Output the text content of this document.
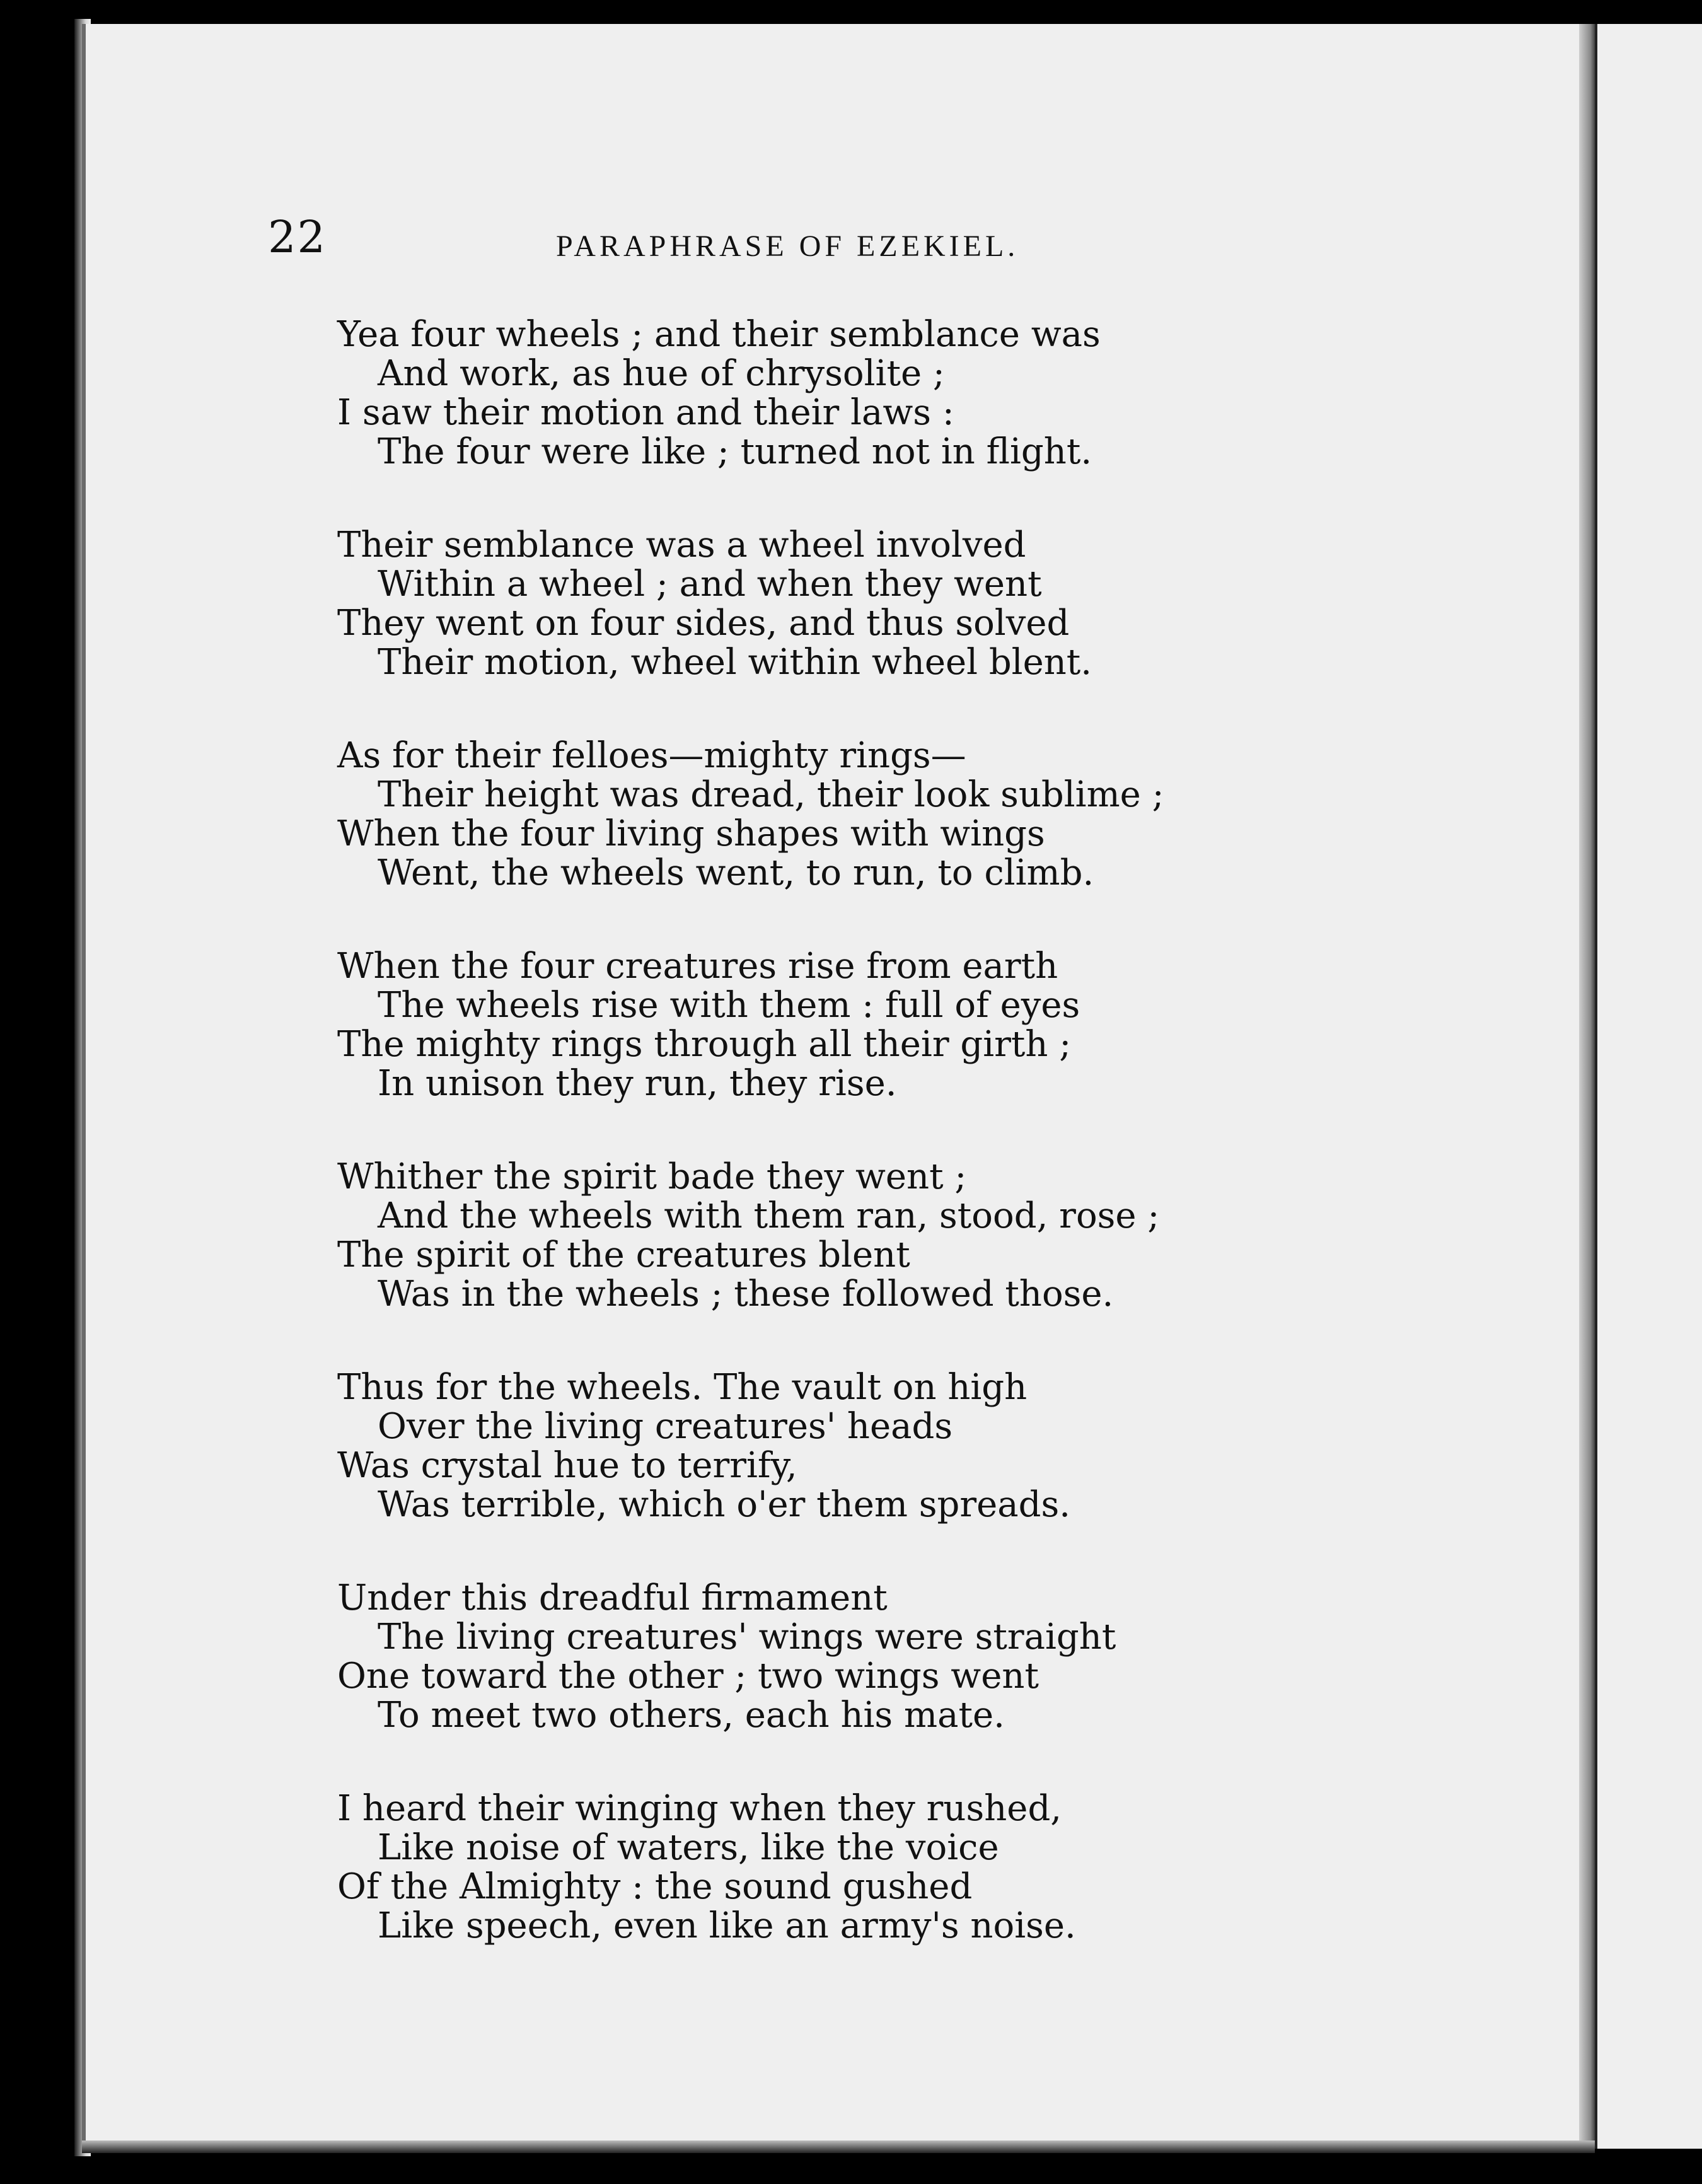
22	PARAPHRASE OF EZEKIEL.
Yea four wheels ; and their semblance was
And work, as hue of chrysolite ;
I saw their motion and their laws :
The four were like ; turned not in flight.
Their semblance was a wheel involved
Within a wheel ; and when they went
They went on four sides, and thus solved
Their motion, wheel within wheel blent.
As for their felloes—mighty rings—
Their height was dread, their look sublime ;
When the four living shapes with wings
Went, the wheels went, to run, to climb.
When the four creatures rise from earth
The wheels rise with them : full of eyes
The mighty rings through all their girth ;
In unison they run, they rise.
Whither the spirit bade they went ;
And the wheels with them ran, stood, rose ;
The spirit of the creatures blent
Was in the wheels ; these followed those.
Thus for the wheels. The vault on high
Over the living creatures' heads
Was crystal hue to terrify,
Was terrible, which o'er them spreads.
Under this dreadful firmament
The living creatures' wings were straight
One toward the other ; two wings went
To meet two others, each his mate.
I heard their winging when they rushed,
Like noise of waters, like the voice
Of the Almighty : the sound gushed
Like speech, even like an army's noise.
